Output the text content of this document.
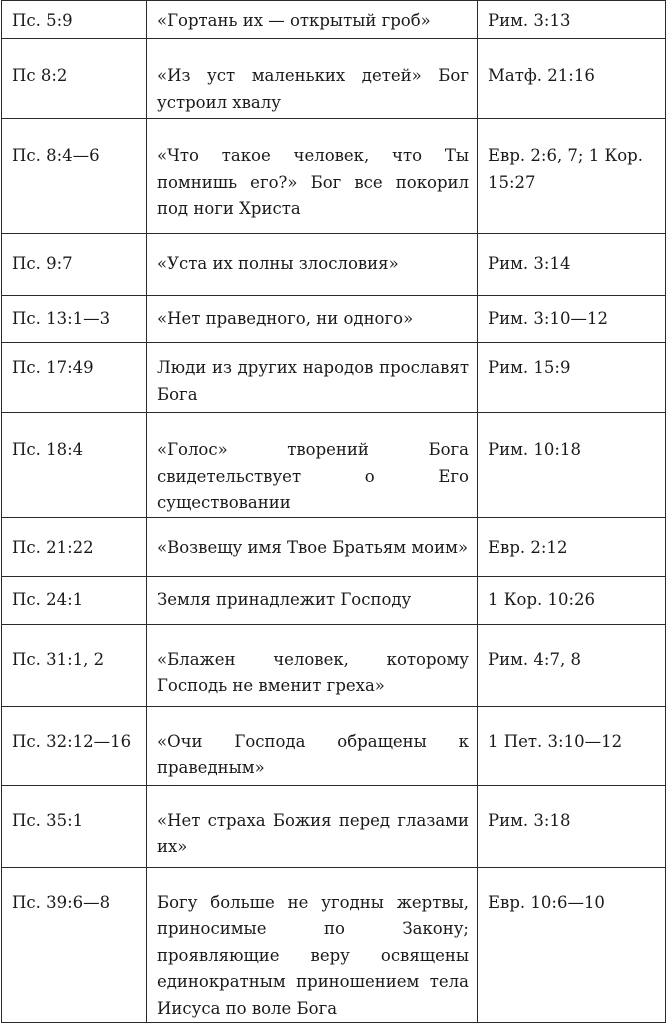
Пс. 5:9	«Гортань их — открытый гроб»	Рим. 3:13
Пс 8:2	«Из уст маленьких детей» Бог устроил хвалу	Матф. 21:16
Пс. 8:4—6	«Что такое человек, что Ты помнишь его?» Бог все покорил под ноги Христа	Евр. 2:6, 7; 1 Кор. 15:27
Пс. 9:7	«Уста их полны злословия»	Рим. 3:14
Пс. 13:1—3	«Нет праведного, ни одного»	Рим. 3:10—12
Пс. 17:49	Люди из других народов прославят Бога	Рим. 15:9
Пс. 18:4	«Голос» творений Бога свидетельствует о Его существовании	Рим. 10:18
Пс. 21:22	«Возвещу имя Твое Братьям моим»	Евр. 2:12
Пс. 24:1	Земля принадлежит Господу	1 Кор. 10:26
Пс. 31:1, 2	«Блажен человек, которому Господь не вменит греха»	Рим. 4:7, 8
Пс. 32:12—16	«Очи Господа обращены к праведным»	1 Пет. 3:10—12
Пс. 35:1	«Нет страха Божия перед глазами их»	Рим. 3:18
Пс. 39:6—8	Богу больше не угодны жертвы, приносимые по Закону; проявляющие веру освящены единократным приношением тела Иисуса по воле Бога	Евр. 10:6—10
